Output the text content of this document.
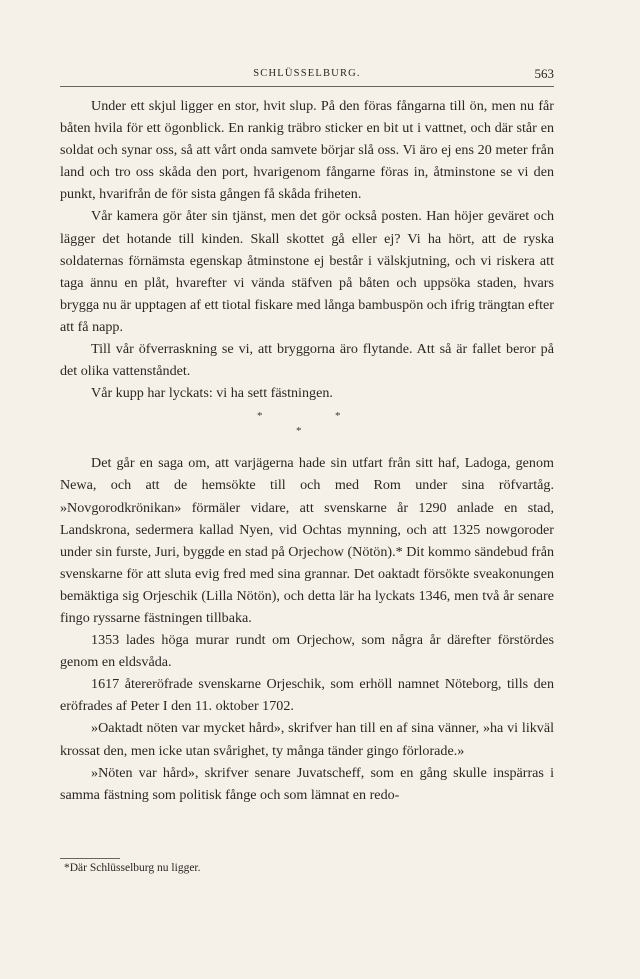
SCHLÜSSELBURG.	563

Under ett skjul ligger en stor, hvit slup. På den föras fångarna till ön, men nu får båten hvila för ett ögonblick. En rankig träbro sticker en bit ut i vattnet, och där står en soldat och synar oss, så att vårt onda samvete börjar slå oss. Vi äro ej ens 20 meter från land och tro oss skåda den port, hvarigenom fångarne föras in, åtminstone se vi den punkt, hvarifrån de för sista gången få skåda friheten.

Vår kamera gör åter sin tjänst, men det gör också posten. Han höjer geväret och lägger det hotande till kinden. Skall skottet gå eller ej? Vi ha hört, att de ryska soldaternas förnämsta egenskap åtminstone ej består i välskjutning, och vi riskera att taga ännu en plåt, hvarefter vi vända stäfven på båten och uppsöka staden, hvars brygga nu är upptagen af ett tiotal fiskare med långa bambuspön och ifrig trängtan efter att få napp.

Till vår öfverraskning se vi, att bryggorna äro flytande. Att så är fallet beror på det olika vattenståndet.

Vår kupp har lyckats: vi ha sett fästningen.

*	*
*

Det går en saga om, att varjägerna hade sin utfart från sitt haf, Ladoga, genom Newa, och att de hemsökte till och med Rom under sina röfvartåg. »Novgorodkrönikan» förmäler vidare, att svenskarne år 1290 anlade en stad, Landskrona, sedermera kallad Nyen, vid Ochtas mynning, och att 1325 nowgoroder under sin furste, Juri, byggde en stad på Orjechow (Nötön).* Dit kommo sändebud från svenskarne för att sluta evig fred med sina grannar. Det oaktadt försökte sveakonungen bemäktiga sig Orjeschik (Lilla Nötön), och detta lär ha lyckats 1346, men två år senare fingo ryssarne fästningen tillbaka.

1353 lades höga murar rundt om Orjechow, som några år därefter förstördes genom en eldsvåda.

1617 återeröfrade svenskarne Orjeschik, som erhöll namnet Nöteborg, tills den eröfrades af Peter I den 11. oktober 1702.

»Oaktadt nöten var mycket hård», skrifver han till en af sina vänner, »ha vi likväl krossat den, men icke utan svårighet, ty många tänder gingo förlorade.»

»Nöten var hård», skrifver senare Juvatscheff, som en gång skulle inspärras i samma fästning som politisk fånge och som lämnat en redo-

*Där Schlüsselburg nu ligger.
